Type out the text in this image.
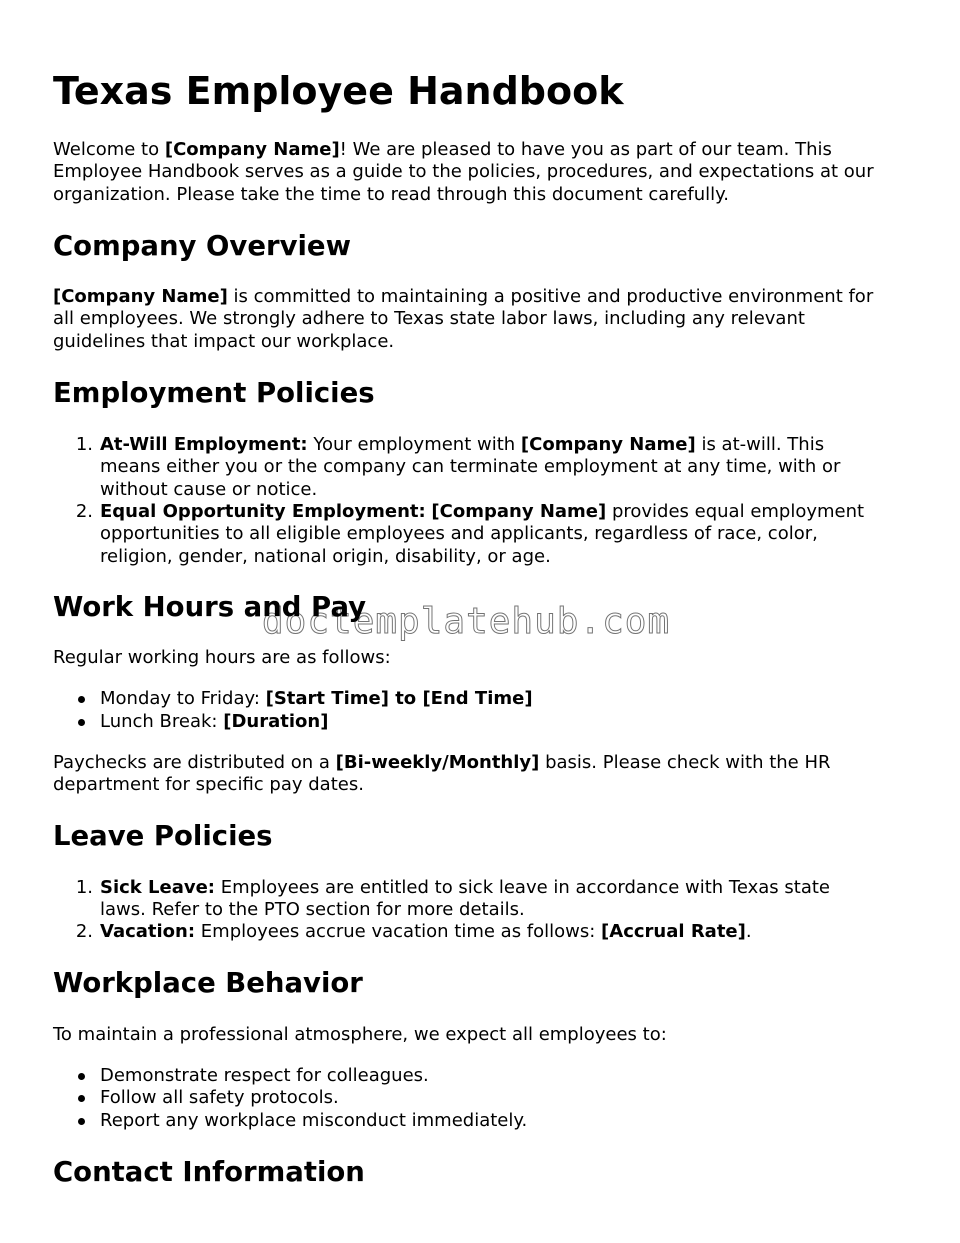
Texas Employee Handbook

Welcome to [Company Name]! We are pleased to have you as part of our team. This
Employee Handbook serves as a guide to the policies, procedures, and expectations at our
organization. Please take the time to read through this document carefully.

Company Overview

[Company Name] is committed to maintaining a positive and productive environment for
all employees. We strongly adhere to Texas state labor laws, including any relevant
guidelines that impact our workplace.

Employment Policies
1. At-Will Employment: Your employment with [Company Name] is at-will. This
means either you or the company can terminate employment at any time, with or
without cause or notice.
2. Equal Opportunity Employment: [Company Name] provides equal employment
opportunities to all eligible employees and applicants, regardless of race, color,
religion, gender, national origin, disability, or age.
Work Hours and Pay

Regular working hours are as follows:

Monday to Friday: [Start Time] to [End Time]
Lunch Break: [Duration]

Paychecks are distributed on a [Bi-weekly/Monthly] basis. Please check with the HR
department for specific pay dates.

Leave Policies
1. Sick Leave: Employees are entitled to sick leave in accordance with Texas state
laws. Refer to the PTO section for more details.
2. Vacation: Employees accrue vacation time as follows: [Accrual Rate].
Workplace Behavior

To maintain a professional atmosphere, we expect all employees to:

Demonstrate respect for colleagues.
Follow all safety protocols.
Report any workplace misconduct immediately.
Contact Information
doctemplatehub.com
